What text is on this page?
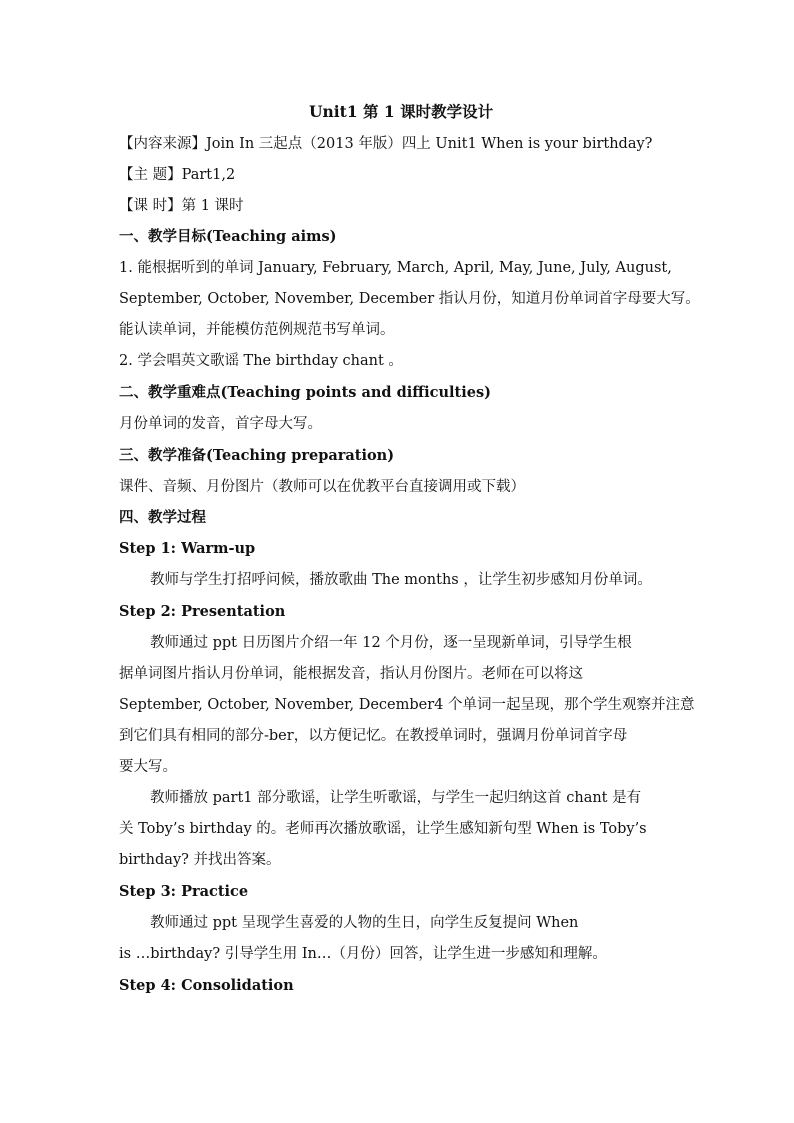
Unit1 第 1 课时教学设计
【内容来源】Join In 三起点（2013 年版）四上 Unit1 When is your birthday?
【主 题】Part1,2
【课 时】第 1 课时
一、教学目标(Teaching aims)
1. 能根据听到的单词 January, February, March, April, May, June, July, August,
September, October, November, December 指认月份，知道月份单词首字母要大写。
能认读单词，并能模仿范例规范书写单词。
2. 学会唱英文歌谣 The birthday chant 。
二、教学重难点(Teaching points and difficulties)
月份单词的发音，首字母大写。
三、教学准备(Teaching preparation)
课件、音频、月份图片（教师可以在优教平台直接调用或下载）
四、教学过程
Step 1: Warm-up
教师与学生打招呼问候，播放歌曲 The months ，让学生初步感知月份单词。
Step 2: Presentation
教师通过 ppt 日历图片介绍一年 12 个月份，逐一呈现新单词，引导学生根
据单词图片指认月份单词，能根据发音，指认月份图片。老师在可以将这
September, October, November, December4 个单词一起呈现，那个学生观察并注意
到它们具有相同的部分-ber，以方便记忆。在教授单词时，强调月份单词首字母
要大写。
教师播放 part1 部分歌谣，让学生听歌谣，与学生一起归纳这首 chant 是有
关 Toby’s birthday 的。老师再次播放歌谣，让学生感知新句型 When is Toby’s
birthday? 并找出答案。
Step 3: Practice
教师通过 ppt 呈现学生喜爱的人物的生日，向学生反复提问 When
is …birthday? 引导学生用 In…（月份）回答，让学生进一步感知和理解。
Step 4: Consolidation
